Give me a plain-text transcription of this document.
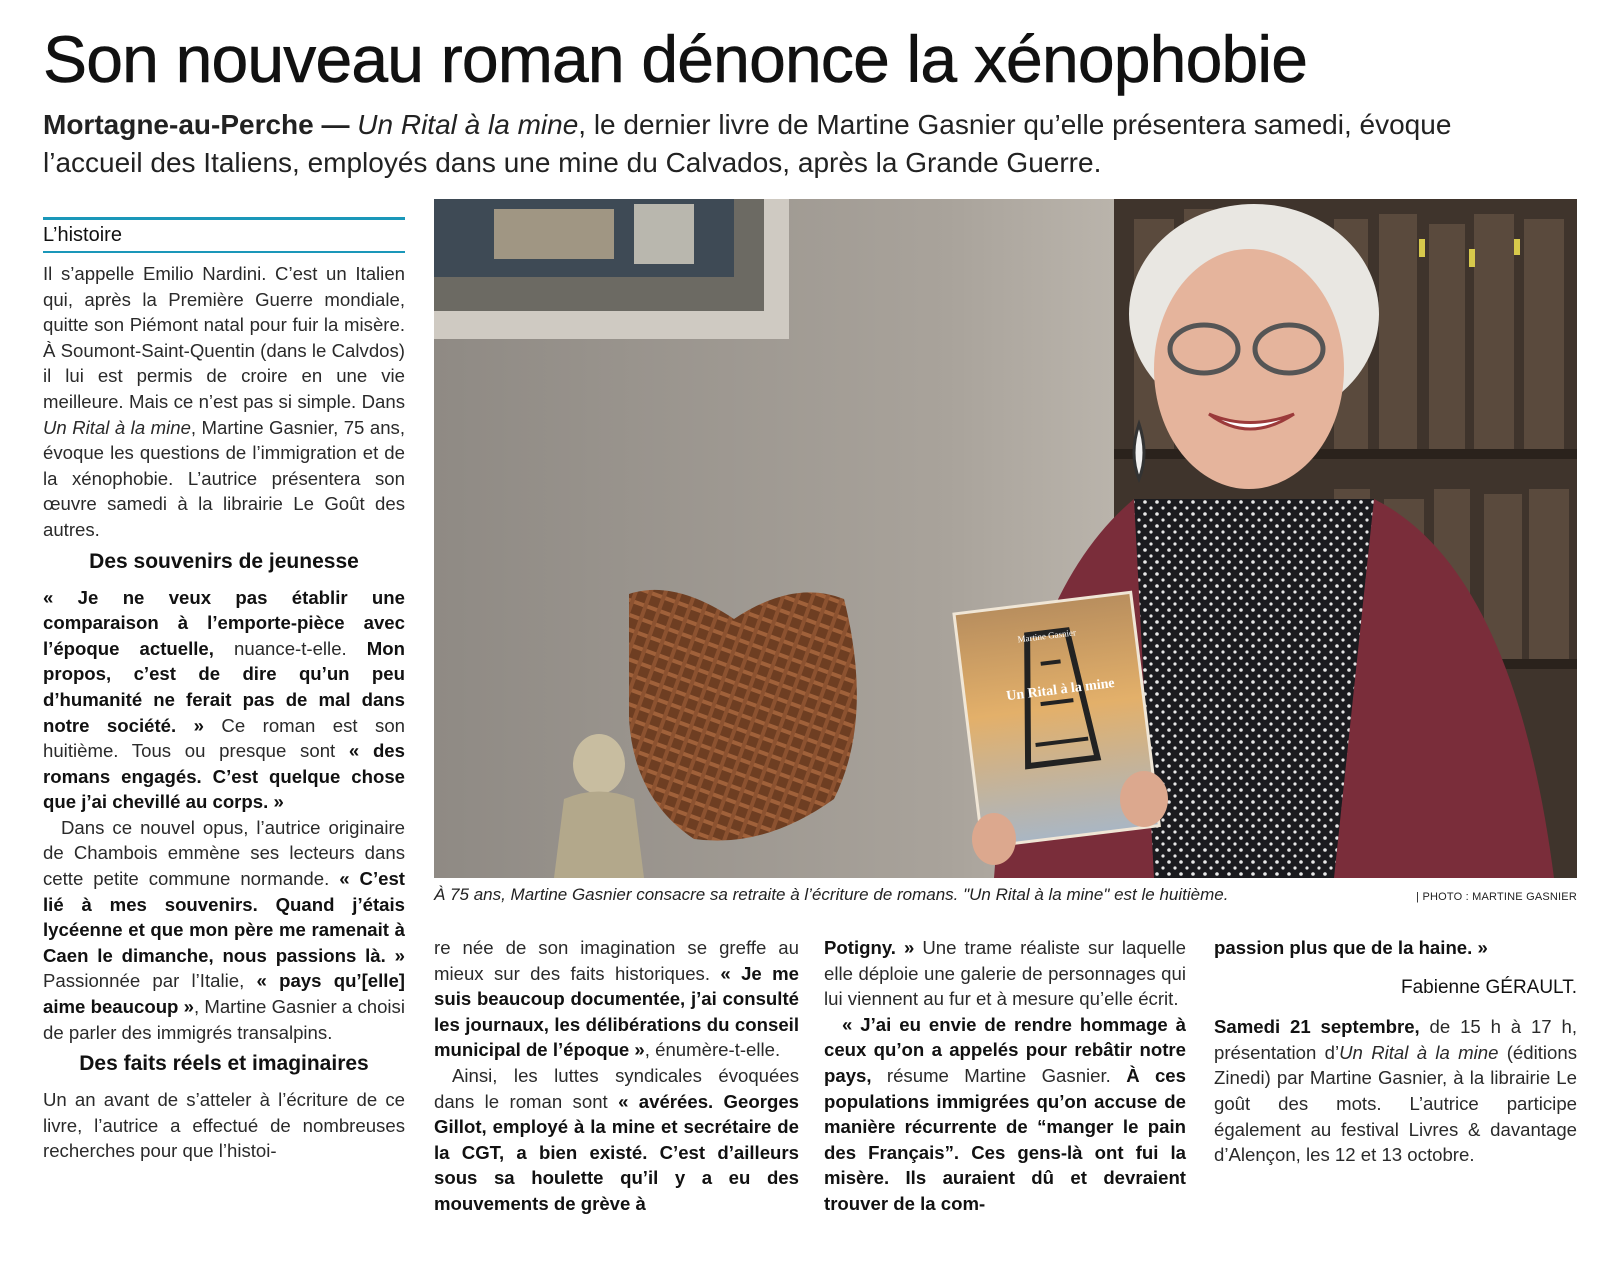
Son nouveau roman dénonce la xénophobie

Mortagne-au-Perche — Un Rital à la mine, le dernier livre de Martine Gasnier qu’elle présentera samedi, évoque l’accueil des Italiens, employés dans une mine du Calvados, après la Grande Guerre.

L’histoire

Il s’appelle Emilio Nardini. C’est un Italien qui, après la Première Guerre mondiale, quitte son Piémont natal pour fuir la misère. À Soumont-Saint-Quentin (dans le Calvdos) il lui est permis de croire en une vie meilleure. Mais ce n’est pas si simple. Dans Un Rital à la mine, Martine Gasnier, 75 ans, évoque les questions de l’immigration et de la xénophobie. L’autrice présentera son œuvre samedi à la librairie Le Goût des autres.

Des souvenirs de jeunesse

« Je ne veux pas établir une comparaison à l’emporte-pièce avec l’époque actuelle, nuance-t-elle. Mon propos, c’est de dire qu’un peu d’humanité ne ferait pas de mal dans notre société. » Ce roman est son huitième. Tous ou presque sont « des romans engagés. C’est quelque chose que j’ai chevillé au corps. »

Dans ce nouvel opus, l’autrice originaire de Chambois emmène ses lecteurs dans cette petite commune normande. « C’est lié à mes souvenirs. Quand j’étais lycéenne et que mon père me ramenait à Caen le dimanche, nous passions là. » Passionnée par l’Italie, « pays qu’[elle] aime beaucoup », Martine Gasnier a choisi de parler des immigrés transalpins.

Des faits réels et imaginaires

Un an avant de s’atteler à l’écriture de ce livre, l’autrice a effectué de nombreuses recherches pour que l’histoi-

Martine Gasnier
Un Rital à la mine
À 75 ans, Martine Gasnier consacre sa retraite à l’écriture de romans. "Un Rital à la mine" est le huitième.	| PHOTO : MARTINE GASNIER

re née de son imagination se greffe au mieux sur des faits historiques. « Je me suis beaucoup documentée, j’ai consulté les journaux, les délibérations du conseil municipal de l’époque », énumère-t-elle.

Ainsi, les luttes syndicales évoquées dans le roman sont « avérées. Georges Gillot, employé à la mine et secrétaire de la CGT, a bien existé. C’est d’ailleurs sous sa houlette qu’il y a eu des mouvements de grève à

Potigny. » Une trame réaliste sur laquelle elle déploie une galerie de personnages qui lui viennent au fur et à mesure qu’elle écrit.

« J’ai eu envie de rendre hommage à ceux qu’on a appelés pour rebâtir notre pays, résume Martine Gasnier. À ces populations immigrées qu’on accuse de manière récurrente de “manger le pain des Français”. Ces gens-là ont fui la misère. Ils auraient dû et devraient trouver de la com-

passion plus que de la haine. »

Fabienne GÉRAULT.

Samedi 21 septembre, de 15 h à 17 h, présentation d’Un Rital à la mine (éditions Zinedi) par Martine Gasnier, à la librairie Le goût des mots. L’autrice participe également au festival Livres & davantage d’Alençon, les 12 et 13 octobre.
